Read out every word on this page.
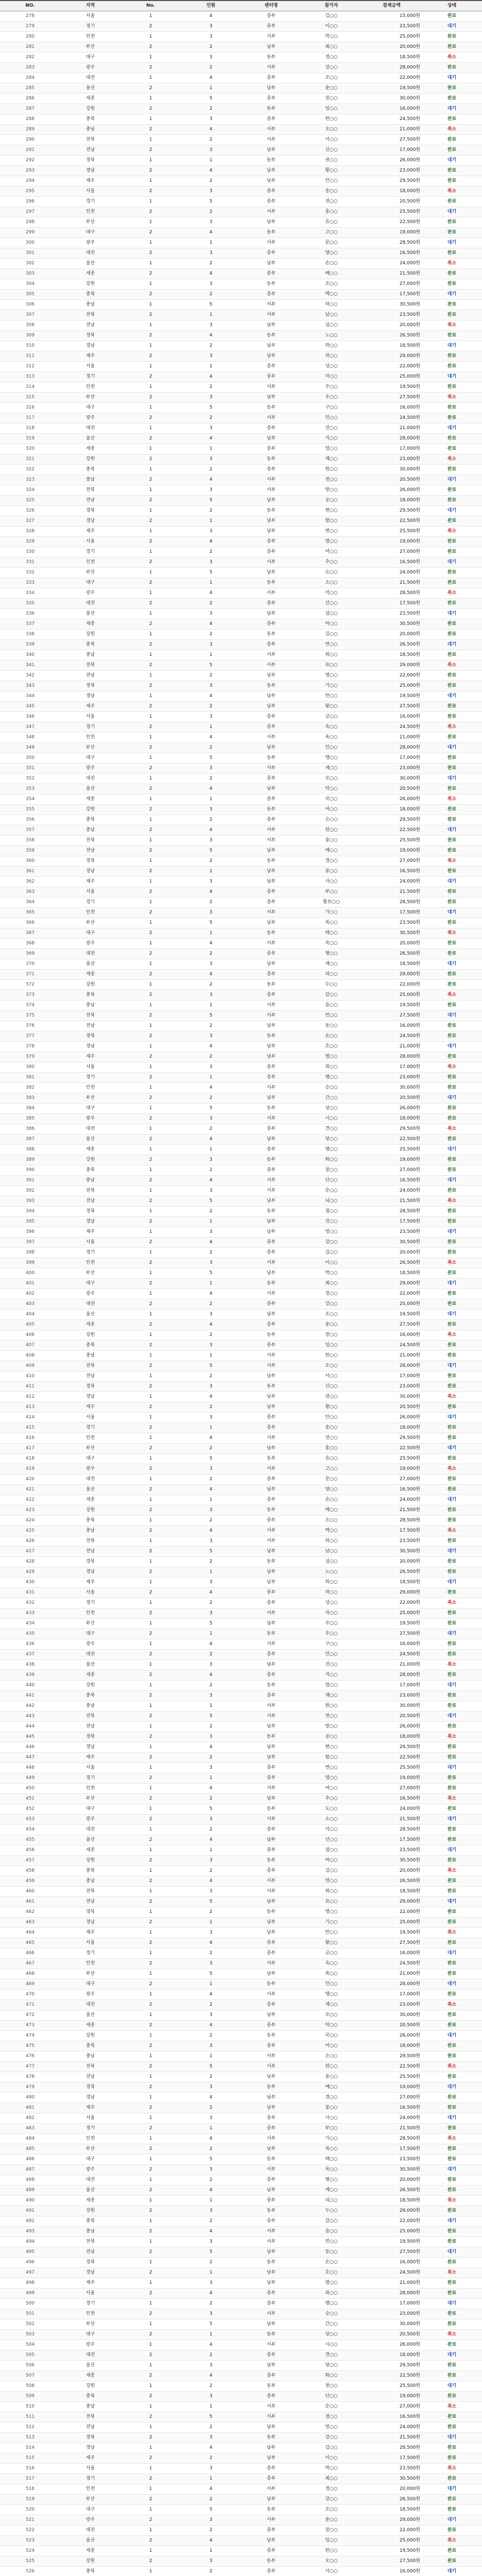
NO.	지역	No.	인원	센터명	참가자	결제금액	상태
278	서울	1	4	중부	김○○	15,000원	완료
279	경기	2	3	중부	이○○	23,500원	대기
280	인천	1	3	서부	박○○	25,000원	완료
281	부산	2	2	남부	최○○	20,000원	완료
282	대구	1	3	동부	정○○	18,500원	취소
283	광주	2	2	서부	강○○	28,000원	완료
284	대전	1	4	중부	조○○	22,000원	대기
285	울산	2	1	남부	윤○○	19,500원	완료
286	세종	1	5	중부	장○○	30,000원	완료
287	강원	2	2	동부	임○○	16,000원	대기
288	충북	1	3	중부	한○○	24,500원	완료
289	충남	2	4	서부	오○○	21,000원	취소
290	전북	1	2	서부	서○○	27,500원	완료
291	전남	2	3	남부	신○○	17,000원	완료
292	경북	1	1	동부	권○○	26,000원	대기
293	경남	2	4	남부	황○○	23,000원	완료
294	제주	1	2	남부	안○○	29,500원	완료
295	서울	2	3	중부	송○○	18,000원	취소
296	경기	1	5	중부	전○○	20,500원	완료
297	인천	2	2	서부	홍○○	25,500원	대기
298	부산	1	3	남부	유○○	22,500원	완료
299	대구	2	4	동부	고○○	19,000원	완료
300	광주	1	1	서부	문○○	28,500원	대기
301	대전	2	3	중부	양○○	16,500원	완료
302	울산	1	2	남부	손○○	24,000원	취소
303	세종	2	4	중부	배○○	21,500원	완료
304	강원	1	3	동부	조○○	27,000원	완료
305	충북	2	2	중부	백○○	17,500원	대기
306	충남	1	5	서부	허○○	30,500원	완료
307	전북	2	1	서부	남○○	23,500원	완료
308	전남	1	3	남부	심○○	20,000원	취소
309	경북	2	4	동부	노○○	26,500원	완료
310	경남	1	2	남부	하○○	18,500원	대기
311	제주	2	3	남부	곽○○	29,000원	완료
312	서울	1	1	중부	성○○	22,000원	완료
313	경기	2	4	중부	차○○	25,000원	대기
314	인천	1	2	서부	주○○	19,500원	완료
315	부산	2	3	남부	우○○	27,500원	취소
316	대구	1	5	동부	구○○	16,000원	완료
317	광주	2	2	서부	민○○	24,500원	완료
318	대전	1	3	중부	진○○	21,000원	대기
319	울산	2	4	남부	지○○	28,000원	완료
320	세종	1	1	중부	엄○○	17,000원	완료
321	강원	2	3	동부	채○○	23,000원	취소
322	충북	1	2	중부	원○○	30,000원	완료
323	충남	2	4	서부	천○○	20,500원	대기
324	전북	1	3	서부	방○○	26,000원	완료
325	전남	2	5	남부	공○○	18,000원	완료
326	경북	1	2	동부	현○○	29,500원	대기
327	경남	2	1	남부	함○○	22,500원	완료
328	제주	1	3	남부	변○○	25,500원	취소
329	서울	2	4	중부	염○○	19,000원	완료
330	경기	1	2	중부	여○○	27,000원	완료
331	인천	2	3	서부	추○○	16,500원	대기
332	부산	1	5	남부	도○○	24,000원	완료
333	대구	2	1	동부	소○○	21,500원	완료
334	광주	1	4	서부	석○○	28,500원	취소
335	대전	2	2	중부	선○○	17,500원	완료
336	울산	1	3	남부	설○○	23,500원	대기
337	세종	2	4	중부	마○○	30,500원	완료
338	강원	1	2	동부	길○○	20,000원	완료
339	충북	2	3	중부	연○○	26,500원	대기
340	충남	1	1	서부	위○○	18,500원	완료
341	전북	2	5	서부	표○○	29,000원	취소
342	전남	1	2	남부	명○○	22,000원	완료
343	경북	2	3	동부	기○○	25,000원	완료
344	경남	1	4	남부	반○○	19,500원	대기
345	제주	2	2	남부	왕○○	27,500원	완료
346	서울	1	3	중부	금○○	16,000원	완료
347	경기	2	1	중부	옥○○	24,500원	취소
348	인천	1	4	서부	육○○	21,000원	완료
349	부산	2	2	남부	인○○	28,000원	대기
350	대구	1	5	동부	맹○○	17,000원	완료
351	광주	2	3	서부	제○○	23,000원	완료
352	대전	1	2	중부	모○○	30,000원	대기
353	울산	2	4	남부	탁○○	20,500원	완료
354	세종	1	1	중부	국○○	26,000원	취소
355	강원	2	3	동부	어○○	18,000원	완료
356	충북	1	2	중부	은○○	29,500원	완료
357	충남	2	4	서부	편○○	22,500원	대기
358	전북	1	3	서부	용○○	25,500원	완료
359	전남	2	5	남부	예○○	19,000원	완료
360	경북	1	2	동부	경○○	27,000원	취소
361	경남	2	1	남부	봉○○	16,500원	완료
362	제주	1	3	남부	사○○	24,000원	대기
363	서울	2	4	중부	부○○	21,500원	완료
364	경기	1	2	중부	황보○○	28,500원	완료
365	인천	2	3	서부	가○○	17,500원	대기
366	부산	1	5	남부	복○○	23,500원	완료
367	대구	2	1	동부	태○○	30,500원	취소
368	광주	1	4	서부	목○○	20,000원	완료
369	대전	2	2	중부	형○○	26,500원	완료
370	울산	1	3	남부	계○○	18,500원	대기
371	세종	2	4	중부	피○○	29,000원	완료
372	강원	1	2	동부	두○○	22,000원	완료
373	충북	2	3	중부	감○○	25,000원	취소
374	충남	1	1	서부	음○○	19,500원	완료
375	전북	2	5	서부	빈○○	27,500원	대기
376	전남	1	2	남부	동○○	16,000원	완료
377	경북	2	3	동부	온○○	24,500원	완료
378	경남	1	4	남부	호○○	21,000원	대기
379	제주	2	2	남부	범○○	28,000원	완료
380	서울	1	3	중부	좌○○	17,000원	취소
381	경기	2	1	중부	팽○○	23,000원	완료
382	인천	1	4	서부	승○○	30,000원	완료
383	부산	2	2	남부	간○○	20,500원	대기
384	대구	1	5	동부	상○○	26,000원	완료
385	광주	2	3	서부	시○○	18,000원	완료
386	대전	1	2	중부	견○○	29,500원	취소
387	울산	2	4	남부	당○○	22,500원	완료
388	세종	1	1	중부	팽○○	25,500원	대기
389	강원	2	3	동부	화○○	19,000원	완료
390	충북	1	2	중부	창○○	27,000원	완료
391	충남	2	4	서부	단○○	16,500원	대기
392	전북	1	3	서부	순○○	24,000원	완료
393	전남	2	5	남부	뇌○○	21,500원	취소
394	경북	1	2	동부	점○○	28,500원	완료
395	경남	2	1	남부	진○○	17,500원	완료
396	제주	1	3	남부	빙○○	23,500원	대기
397	서울	2	4	중부	강○○	30,500원	완료
398	경기	1	2	중부	김○○	20,000원	완료
399	인천	2	3	서부	이○○	26,500원	취소
400	부산	1	5	남부	박○○	18,500원	완료
401	대구	2	1	동부	최○○	29,000원	대기
402	광주	1	4	서부	정○○	22,000원	완료
403	대전	2	2	중부	강○○	25,000원	완료
404	울산	1	3	남부	조○○	19,500원	대기
405	세종	2	4	중부	윤○○	27,500원	완료
406	강원	1	2	동부	장○○	16,000원	취소
407	충북	2	3	중부	임○○	24,500원	완료
408	충남	1	1	서부	한○○	21,000원	완료
409	전북	2	5	서부	오○○	28,000원	대기
410	전남	1	2	남부	서○○	17,000원	완료
411	경북	2	3	동부	신○○	23,000원	완료
412	경남	1	4	남부	권○○	30,000원	취소
413	제주	2	2	남부	황○○	20,500원	완료
414	서울	1	3	중부	안○○	26,000원	대기
415	경기	2	1	중부	송○○	18,000원	완료
416	인천	1	4	서부	전○○	29,500원	완료
417	부산	2	2	남부	홍○○	22,500원	대기
418	대구	1	5	동부	유○○	25,500원	완료
419	광주	2	3	서부	고○○	19,000원	취소
420	대전	1	2	중부	문○○	27,000원	완료
421	울산	2	4	남부	양○○	16,500원	완료
422	세종	1	1	중부	손○○	24,000원	대기
423	강원	2	3	동부	배○○	21,500원	완료
424	충북	1	2	중부	조○○	28,500원	완료
425	충남	2	4	서부	백○○	17,500원	취소
426	전북	1	3	서부	허○○	23,500원	완료
427	전남	2	5	남부	남○○	30,500원	대기
428	경북	1	2	동부	심○○	20,000원	완료
429	경남	2	1	남부	노○○	26,500원	완료
430	제주	1	3	남부	하○○	18,500원	대기
431	서울	2	4	중부	곽○○	29,000원	완료
432	경기	1	2	중부	성○○	22,000원	취소
433	인천	2	3	서부	차○○	25,000원	완료
434	부산	1	5	남부	주○○	19,500원	완료
435	대구	2	1	동부	우○○	27,500원	대기
436	광주	1	4	서부	구○○	16,000원	완료
437	대전	2	2	중부	민○○	24,500원	완료
438	울산	1	3	남부	진○○	21,000원	취소
439	세종	2	4	중부	지○○	28,000원	완료
440	강원	1	2	동부	엄○○	17,000원	대기
441	충북	2	3	중부	채○○	23,000원	완료
442	충남	1	1	서부	원○○	30,000원	완료
443	전북	2	5	서부	천○○	20,500원	대기
444	전남	1	2	남부	방○○	26,000원	완료
445	경북	2	3	동부	공○○	18,000원	취소
446	경남	1	4	남부	현○○	29,500원	완료
447	제주	2	2	남부	함○○	22,500원	완료
448	서울	1	3	중부	변○○	25,500원	대기
449	경기	2	1	중부	염○○	19,000원	완료
450	인천	1	4	서부	여○○	27,000원	완료
451	부산	2	2	남부	추○○	16,500원	취소
452	대구	1	5	동부	도○○	24,000원	완료
453	광주	2	3	서부	소○○	21,500원	대기
454	대전	1	2	중부	석○○	28,500원	완료
455	울산	2	4	남부	선○○	17,500원	완료
456	세종	1	1	중부	설○○	23,500원	대기
457	강원	2	3	동부	마○○	30,500원	완료
458	충북	1	2	중부	길○○	20,000원	취소
459	충남	2	4	서부	연○○	26,500원	완료
460	전북	1	3	서부	위○○	18,500원	완료
461	전남	2	5	남부	표○○	29,000원	대기
462	경북	1	2	동부	명○○	22,000원	완료
463	경남	2	1	남부	기○○	25,000원	완료
464	제주	1	3	남부	반○○	19,500원	취소
465	서울	2	4	중부	왕○○	27,500원	완료
466	경기	1	2	중부	금○○	16,000원	대기
467	인천	2	3	서부	옥○○	24,500원	완료
468	부산	1	5	남부	육○○	21,000원	완료
469	대구	2	1	동부	인○○	28,000원	대기
470	광주	1	4	서부	맹○○	17,000원	완료
471	대전	2	2	중부	제○○	23,000원	취소
472	울산	1	3	남부	모○○	30,000원	완료
473	세종	2	4	중부	탁○○	20,500원	완료
474	강원	1	2	동부	국○○	26,000원	대기
475	충북	2	3	중부	어○○	18,000원	완료
476	충남	1	1	서부	은○○	29,500원	완료
477	전북	2	5	서부	편○○	22,500원	취소
478	전남	1	2	남부	용○○	25,500원	완료
479	경북	2	3	동부	예○○	19,000원	대기
480	경남	1	4	남부	경○○	27,000원	완료
481	제주	2	2	남부	봉○○	16,500원	완료
482	서울	1	3	중부	사○○	24,000원	대기
483	경기	2	1	중부	부○○	21,500원	완료
484	인천	1	4	서부	가○○	28,500원	취소
485	부산	2	2	남부	복○○	17,500원	완료
486	대구	1	5	동부	태○○	23,500원	완료
487	광주	2	3	서부	목○○	30,500원	대기
488	대전	1	2	중부	형○○	20,000원	완료
489	울산	2	4	남부	계○○	26,500원	완료
490	세종	1	1	중부	피○○	18,500원	취소
491	강원	2	3	동부	두○○	29,000원	완료
492	충북	1	2	중부	감○○	22,000원	대기
493	충남	2	4	서부	음○○	25,000원	완료
494	전북	1	3	서부	빈○○	19,500원	완료
495	전남	2	5	남부	동○○	27,500원	대기
496	경북	1	2	동부	온○○	16,000원	완료
497	경남	2	1	남부	호○○	24,500원	취소
498	제주	1	3	남부	범○○	21,000원	완료
499	서울	2	4	중부	좌○○	28,000원	완료
500	경기	1	2	중부	팽○○	17,000원	대기
501	인천	2	3	서부	승○○	23,000원	완료
502	부산	1	5	남부	간○○	30,000원	완료
503	대구	2	1	동부	상○○	20,500원	취소
504	광주	1	4	서부	시○○	26,000원	완료
505	대전	2	2	중부	견○○	18,000원	대기
506	울산	1	3	남부	당○○	29,500원	완료
507	세종	2	4	중부	화○○	22,500원	완료
508	강원	1	2	동부	창○○	25,500원	대기
509	충북	2	3	중부	단○○	19,000원	완료
510	충남	1	1	서부	순○○	27,000원	취소
511	전북	2	5	서부	점○○	16,500원	완료
512	전남	1	2	남부	빙○○	24,000원	완료
513	경북	2	3	동부	강○○	21,500원	대기
514	경남	1	4	남부	김○○	28,500원	완료
515	제주	2	2	남부	이○○	17,500원	완료
516	서울	1	3	중부	박○○	23,500원	취소
517	경기	2	1	중부	최○○	30,500원	완료
518	인천	1	4	서부	정○○	20,000원	대기
519	부산	2	2	남부	강○○	26,500원	완료
520	대구	1	5	동부	조○○	18,500원	완료
521	광주	2	3	서부	윤○○	29,000원	대기
522	대전	1	2	중부	장○○	22,000원	완료
523	울산	2	4	남부	임○○	25,000원	취소
524	세종	1	1	중부	한○○	19,500원	완료
525	강원	2	3	동부	오○○	27,500원	완료
526	충북	1	2	중부	서○○	16,000원	대기
